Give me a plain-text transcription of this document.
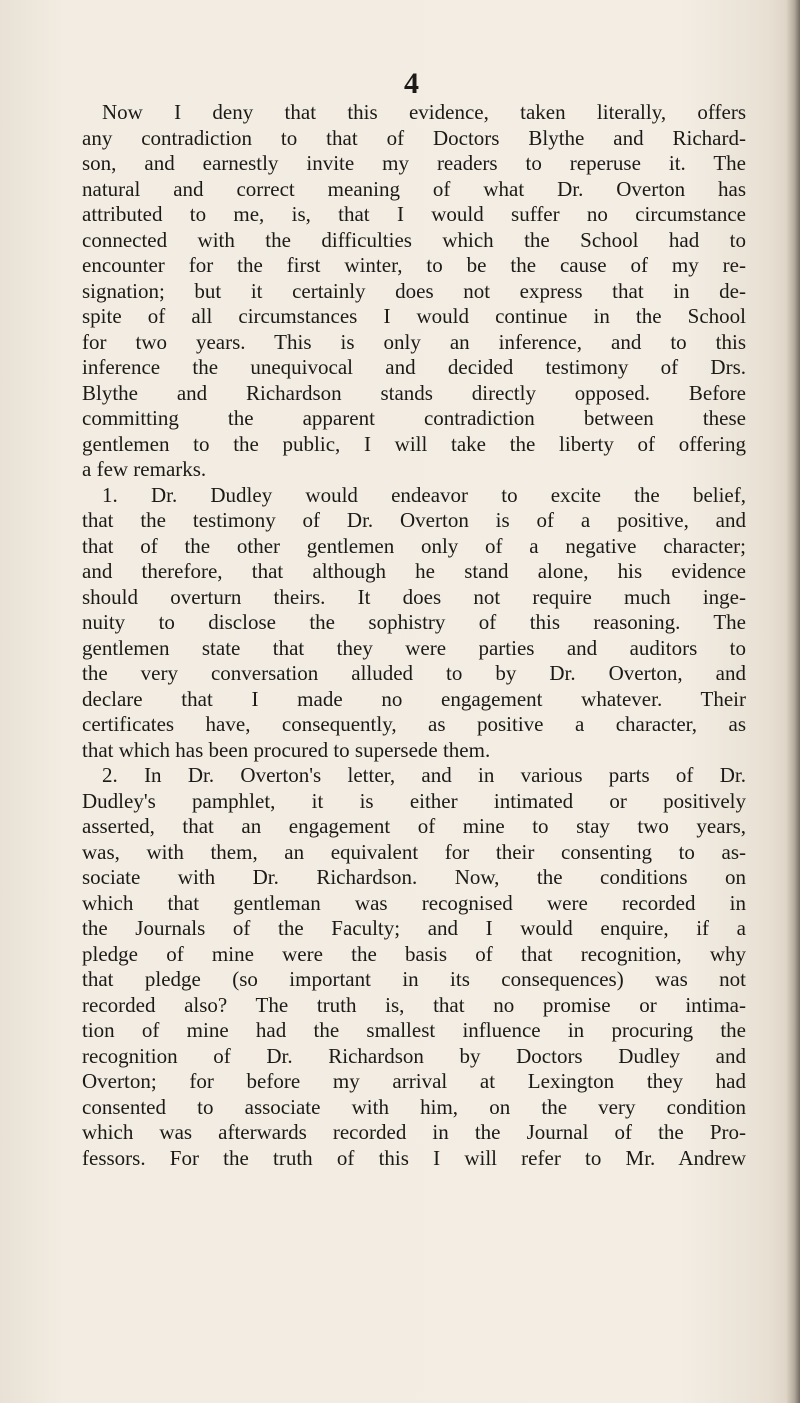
4

Now I deny that this evidence, taken literally, offers
any contradiction to that of Doctors Blythe and Richard-
son, and earnestly invite my readers to reperuse it. The
natural and correct meaning of what Dr. Overton has
attributed to me, is, that I would suffer no circumstance
connected with the difficulties which the School had to
encounter for the first winter, to be the cause of my re-
signation; but it certainly does not express that in de-
spite of all circumstances I would continue in the School
for two years. This is only an inference, and to this
inference the unequivocal and decided testimony of Drs.
Blythe and Richardson stands directly opposed. Before
committing the apparent contradiction between these
gentlemen to the public, I will take the liberty of offering
a few remarks.
1. Dr. Dudley would endeavor to excite the belief,
that the testimony of Dr. Overton is of a positive, and
that of the other gentlemen only of a negative character;
and therefore, that although he stand alone, his evidence
should overturn theirs. It does not require much inge-
nuity to disclose the sophistry of this reasoning. The
gentlemen state that they were parties and auditors to
the very conversation alluded to by Dr. Overton, and
declare that I made no engagement whatever. Their
certificates have, consequently, as positive a character, as
that which has been procured to supersede them.
2. In Dr. Overton's letter, and in various parts of Dr.
Dudley's pamphlet, it is either intimated or positively
asserted, that an engagement of mine to stay two years,
was, with them, an equivalent for their consenting to as-
sociate with Dr. Richardson. Now, the conditions on
which that gentleman was recognised were recorded in
the Journals of the Faculty; and I would enquire, if a
pledge of mine were the basis of that recognition, why
that pledge (so important in its consequences) was not
recorded also? The truth is, that no promise or intima-
tion of mine had the smallest influence in procuring the
recognition of Dr. Richardson by Doctors Dudley and
Overton; for before my arrival at Lexington they had
consented to associate with him, on the very condition
which was afterwards recorded in the Journal of the Pro-
fessors. For the truth of this I will refer to Mr. Andrew
